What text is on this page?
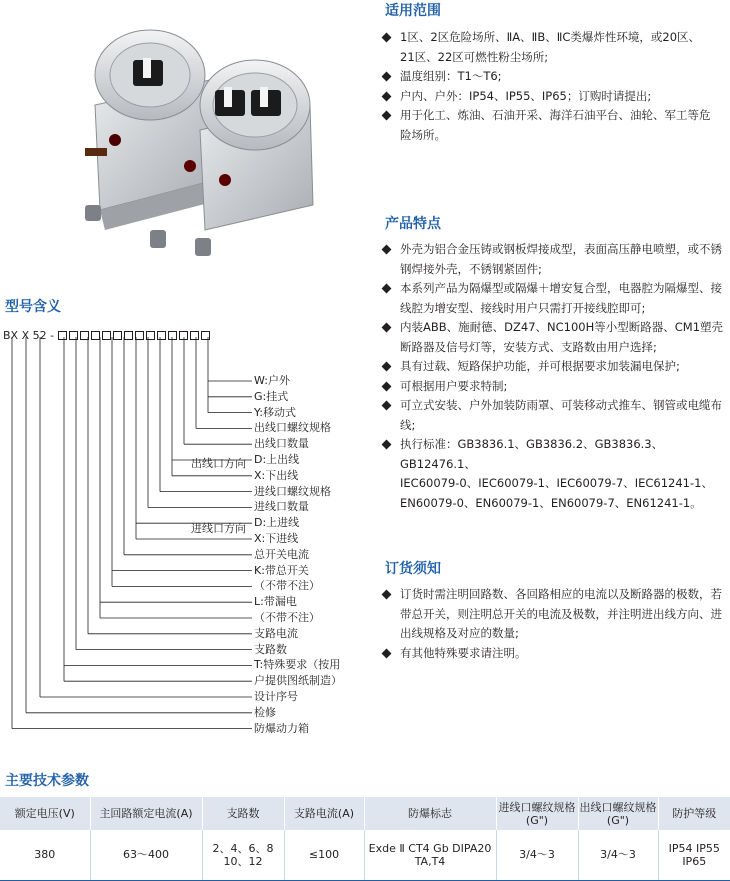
适用范围
1区、2区危险场所、ⅡA、ⅡB、ⅡC类爆炸性环境，或20区、
21区、22区可燃性粉尘场所;
温度组别：T1～T6;
户内、户外：IP54、IP55、IP65；订购时请提出;
用于化工、炼油、石油开采、海洋石油平台、油轮、军工等危
险场所。
产品特点
外壳为铝合金压铸或钢板焊接成型，表面高压静电喷塑，或不锈
钢焊接外壳，不锈钢紧固件;
本系列产品为隔爆型或隔爆＋增安复合型，电器腔为隔爆型、接
线腔为增安型、接线时用户只需打开接线腔即可;
内装ABB、施耐德、DZ47、NC100H等小型断路器、CM1塑壳
断路器及信号灯等，安装方式、支路数由用户选择;
具有过载、短路保护功能，并可根据要求加装漏电保护;
可根据用户要求特制;
可立式安装、户外加装防雨罩、可装移动式推车、钢管或电缆布
线;
执行标准：GB3836.1、GB3836.2、GB3836.3、GB12476.1、
IEC60079-0、IEC60079-1、IEC60079-7、IEC61241-1、
EN60079-0、EN60079-1、EN60079-7、EN61241-1。
订货须知
订货时需注明回路数、各回路相应的电流以及断路器的极数，若
带总开关，则注明总开关的电流及极数，并注明进出线方向、进
出线规格及对应的数量;
有其他特殊要求请注明。
型号含义
BX X 52 -
W:户外
G:挂式
Y:移动式
出线口螺纹规格
出线口数量
D:上出线
X:下出线
进线口螺纹规格
进线口数量
D:上进线
X:下进线
总开关电流
K:带总开关
（不带不注）
L:带漏电
（不带不注）
支路电流
支路数
T:特殊要求（按用
户提供图纸制造）
设计序号
检修
防爆动力箱
出线口方向
进线口方向
主要技术参数
额定电压(V)	主回路额定电流(A)	支路数	支路电流(A)	防爆标志	进线口螺纹规格(G")	出线口螺纹规格(G")	防护等级
380	63～400	2、4、6、8 10、12	≤100	Exde Ⅱ CT4 Gb DIPA20 TA,T4	3/4～3	3/4～3	IP54 IP55 IP65
